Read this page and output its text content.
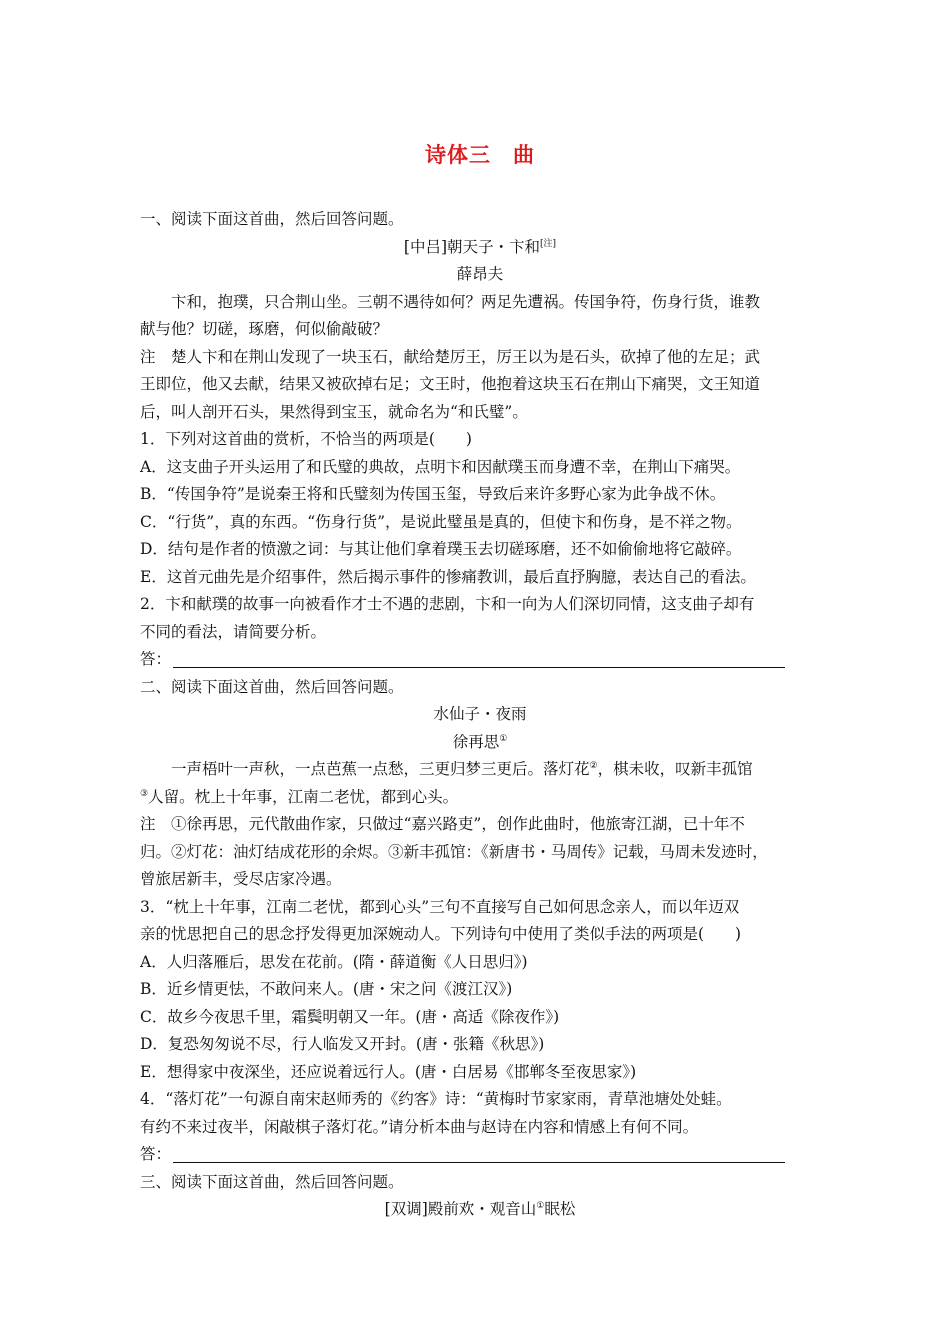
诗体三　曲

一、阅读下面这首曲，然后回答问题。

[中吕]朝天子・卞和[注]

薛昂夫

卞和，抱璞，只合荆山坐。三朝不遇待如何？两足先遭祸。传国争符，伤身行货，谁教

献与他？切磋，琢磨，何似偷敲破？

注　楚人卞和在荆山发现了一块玉石，献给楚厉王，厉王以为是石头，砍掉了他的左足；武

王即位，他又去献，结果又被砍掉右足；文王时，他抱着这块玉石在荆山下痛哭，文王知道

后，叫人剖开石头，果然得到宝玉，就命名为“和氏璧”。

1．下列对这首曲的赏析，不恰当的两项是(　　)

A．这支曲子开头运用了和氏璧的典故，点明卞和因献璞玉而身遭不幸，在荆山下痛哭。

B．“传国争符”是说秦王将和氏璧刻为传国玉玺，导致后来许多野心家为此争战不休。

C．“行货”，真的东西。“伤身行货”，是说此璧虽是真的，但使卞和伤身，是不祥之物。

D．结句是作者的愤激之词：与其让他们拿着璞玉去切磋琢磨，还不如偷偷地将它敲碎。

E．这首元曲先是介绍事件，然后揭示事件的惨痛教训，最后直抒胸臆，表达自己的看法。

2．卞和献璞的故事一向被看作才士不遇的悲剧，卞和一向为人们深切同情，这支曲子却有

不同的看法，请简要分析。

答：

二、阅读下面这首曲，然后回答问题。

水仙子・夜雨

徐再思①

一声梧叶一声秋，一点芭蕉一点愁，三更归梦三更后。落灯花②，棋未收，叹新丰孤馆

③人留。枕上十年事，江南二老忧，都到心头。

注　①徐再思，元代散曲作家，只做过“嘉兴路吏”，创作此曲时，他旅寄江湖，已十年不

归。②灯花：油灯结成花形的余烬。③新丰孤馆：《新唐书・马周传》记载，马周未发迹时，

曾旅居新丰，受尽店家冷遇。

3．“枕上十年事，江南二老忧，都到心头”三句不直接写自己如何思念亲人，而以年迈双

亲的忧思把自己的思念抒发得更加深婉动人。下列诗句中使用了类似手法的两项是(　　)

A．人归落雁后，思发在花前。(隋・薛道衡《人日思归》)

B．近乡情更怯，不敢问来人。(唐・宋之问《渡江汉》)

C．故乡今夜思千里，霜鬓明朝又一年。(唐・高适《除夜作》)

D．复恐匆匆说不尽，行人临发又开封。(唐・张籍《秋思》)

E．想得家中夜深坐，还应说着远行人。(唐・白居易《邯郸冬至夜思家》)

4．“落灯花”一句源自南宋赵师秀的《约客》诗：“黄梅时节家家雨，青草池塘处处蛙。

有约不来过夜半，闲敲棋子落灯花。”请分析本曲与赵诗在内容和情感上有何不同。

答：

三、阅读下面这首曲，然后回答问题。

[双调]殿前欢・观音山①眠松
